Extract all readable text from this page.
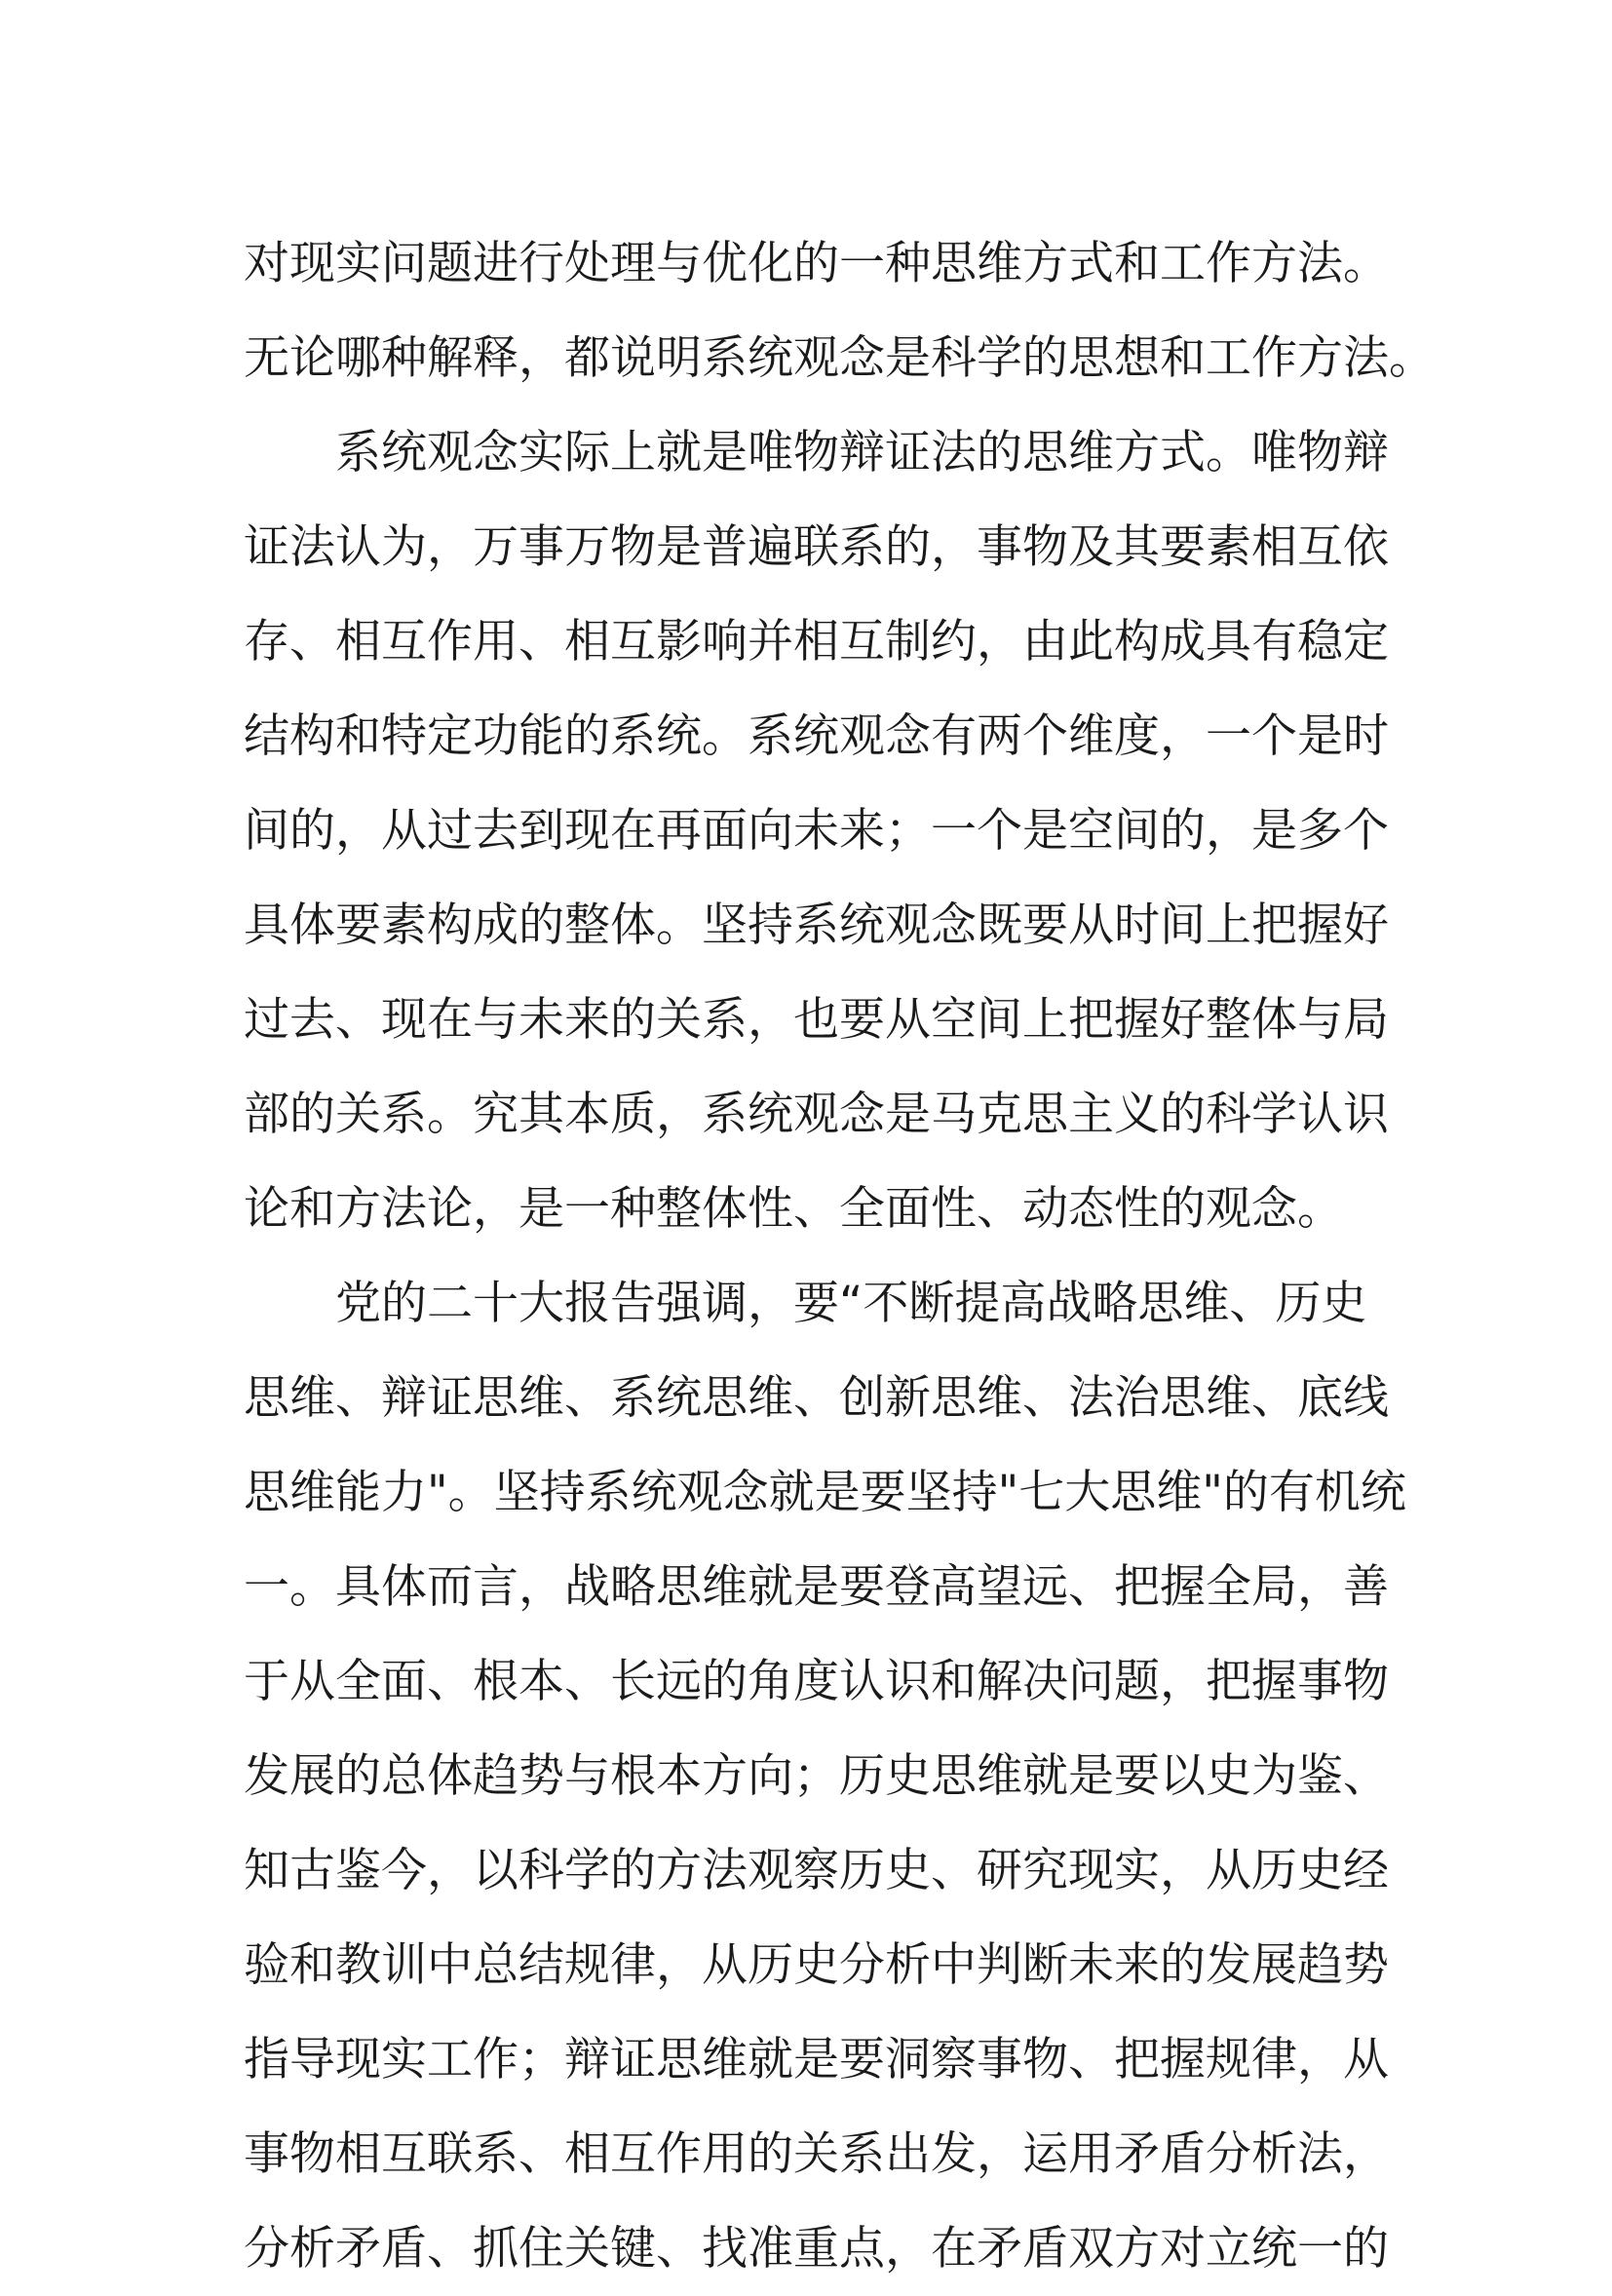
对现实问题进行处理与优化的一种思维方式和工作方法。
无论哪种解释，都说明系统观念是科学的思想和工作方法。
系统观念实际上就是唯物辩证法的思维方式。唯物辩
证法认为，万事万物是普遍联系的，事物及其要素相互依
存、相互作用、相互影响并相互制约，由此构成具有稳定
结构和特定功能的系统。系统观念有两个维度，一个是时
间的，从过去到现在再面向未来；一个是空间的，是多个
具体要素构成的整体。坚持系统观念既要从时间上把握好
过去、现在与未来的关系，也要从空间上把握好整体与局
部的关系。究其本质，系统观念是马克思主义的科学认识
论和方法论，是一种整体性、全面性、动态性的观念。
党的二十大报告强调，要“不断提高战略思维、历史
思维、辩证思维、系统思维、创新思维、法治思维、底线
思维能力"。坚持系统观念就是要坚持"七大思维"的有机统
一。具体而言，战略思维就是要登高望远、把握全局，善
于从全面、根本、长远的角度认识和解决问题，把握事物
发展的总体趋势与根本方向；历史思维就是要以史为鉴、
知古鉴今，以科学的方法观察历史、研究现实，从历史经
验和教训中总结规律，从历史分析中判断未来的发展趋势
指导现实工作；辩证思维就是要洞察事物、把握规律，从
事物相互联系、相互作用的关系出发，运用矛盾分析法，
分析矛盾、抓住关键、找准重点，在矛盾双方对立统一的
